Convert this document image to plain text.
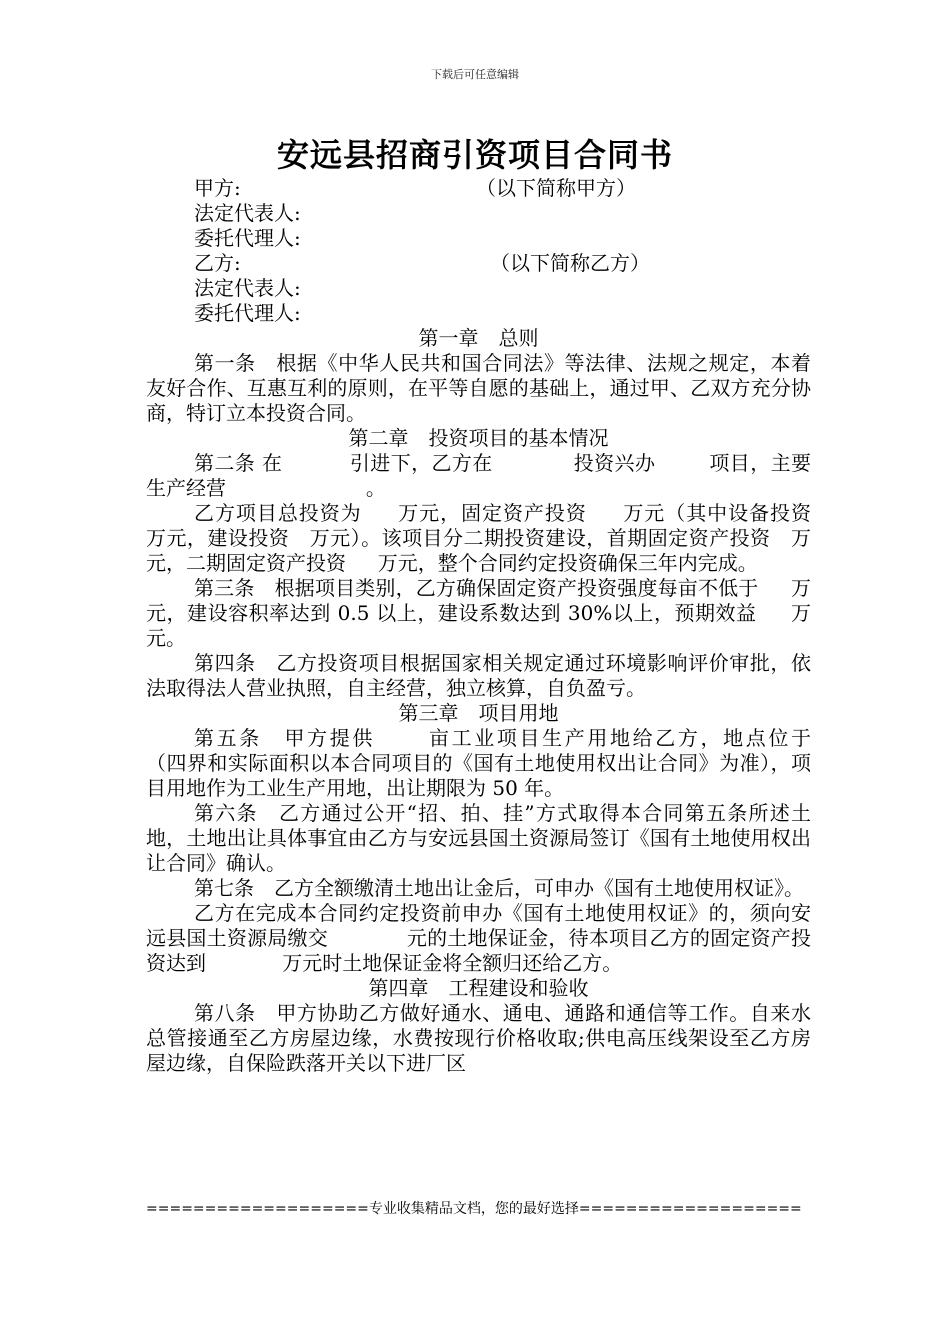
下载后可任意编辑
安远县招商引资项目合同书
甲方:	（以下简称甲方）
法定代表人:
委托代理人:
乙方:	（以下简称乙方）
法定代表人:
委托代理人:
第一章　总则

第一条　根据《中华人民共和国合同法》等法律、法规之规定，本着友好合作、互惠互利的原则，在平等自愿的基础上，通过甲、乙双方充分协商，特订立本投资合同。

第二章　投资项目的基本情况

第二条 在          引进下，乙方在            投资兴办        项目，主要生产经营                      。

乙方项目总投资为     万元，固定资产投资     万元（其中设备投资   万元，建设投资   万元）。该项目分二期投资建设，首期固定资产投资   万元，二期固定资产投资     万元，整个合同约定投资确保三年内完成。

第三条　根据项目类别，乙方确保固定资产投资强度每亩不低于     万元，建设容积率达到 0.5 以上，建设系数达到 30%以上，预期效益     万元。

第四条　乙方投资项目根据国家相关规定通过环境影响评价审批，依法取得法人营业执照，自主经营，独立核算，自负盈亏。

第三章　项目用地

第五条　甲方提供      亩工业项目生产用地给乙方，地点位于            （四界和实际面积以本合同项目的《国有土地使用权出让合同》为准），项目用地作为工业生产用地，出让期限为 50 年。

第六条　乙方通过公开“招、拍、挂”方式取得本合同第五条所述土地，土地出让具体事宜由乙方与安远县国土资源局签订《国有土地使用权出让合同》确认。

第七条　乙方全额缴清土地出让金后，可申办《国有土地使用权证》。

乙方在完成本合同约定投资前申办《国有土地使用权证》的，须向安远县国土资源局缴交            元的土地保证金，待本项目乙方的固定资产投资达到            万元时土地保证金将全额归还给乙方。

第四章　工程建设和验收

第八条　甲方协助乙方做好通水、通电、通路和通信等工作。自来水总管接通至乙方房屋边缘，水费按现行价格收取;供电高压线架设至乙方房屋边缘，自保险跌落开关以下进厂区

===================专业收集精品文档，您的最好选择===================
